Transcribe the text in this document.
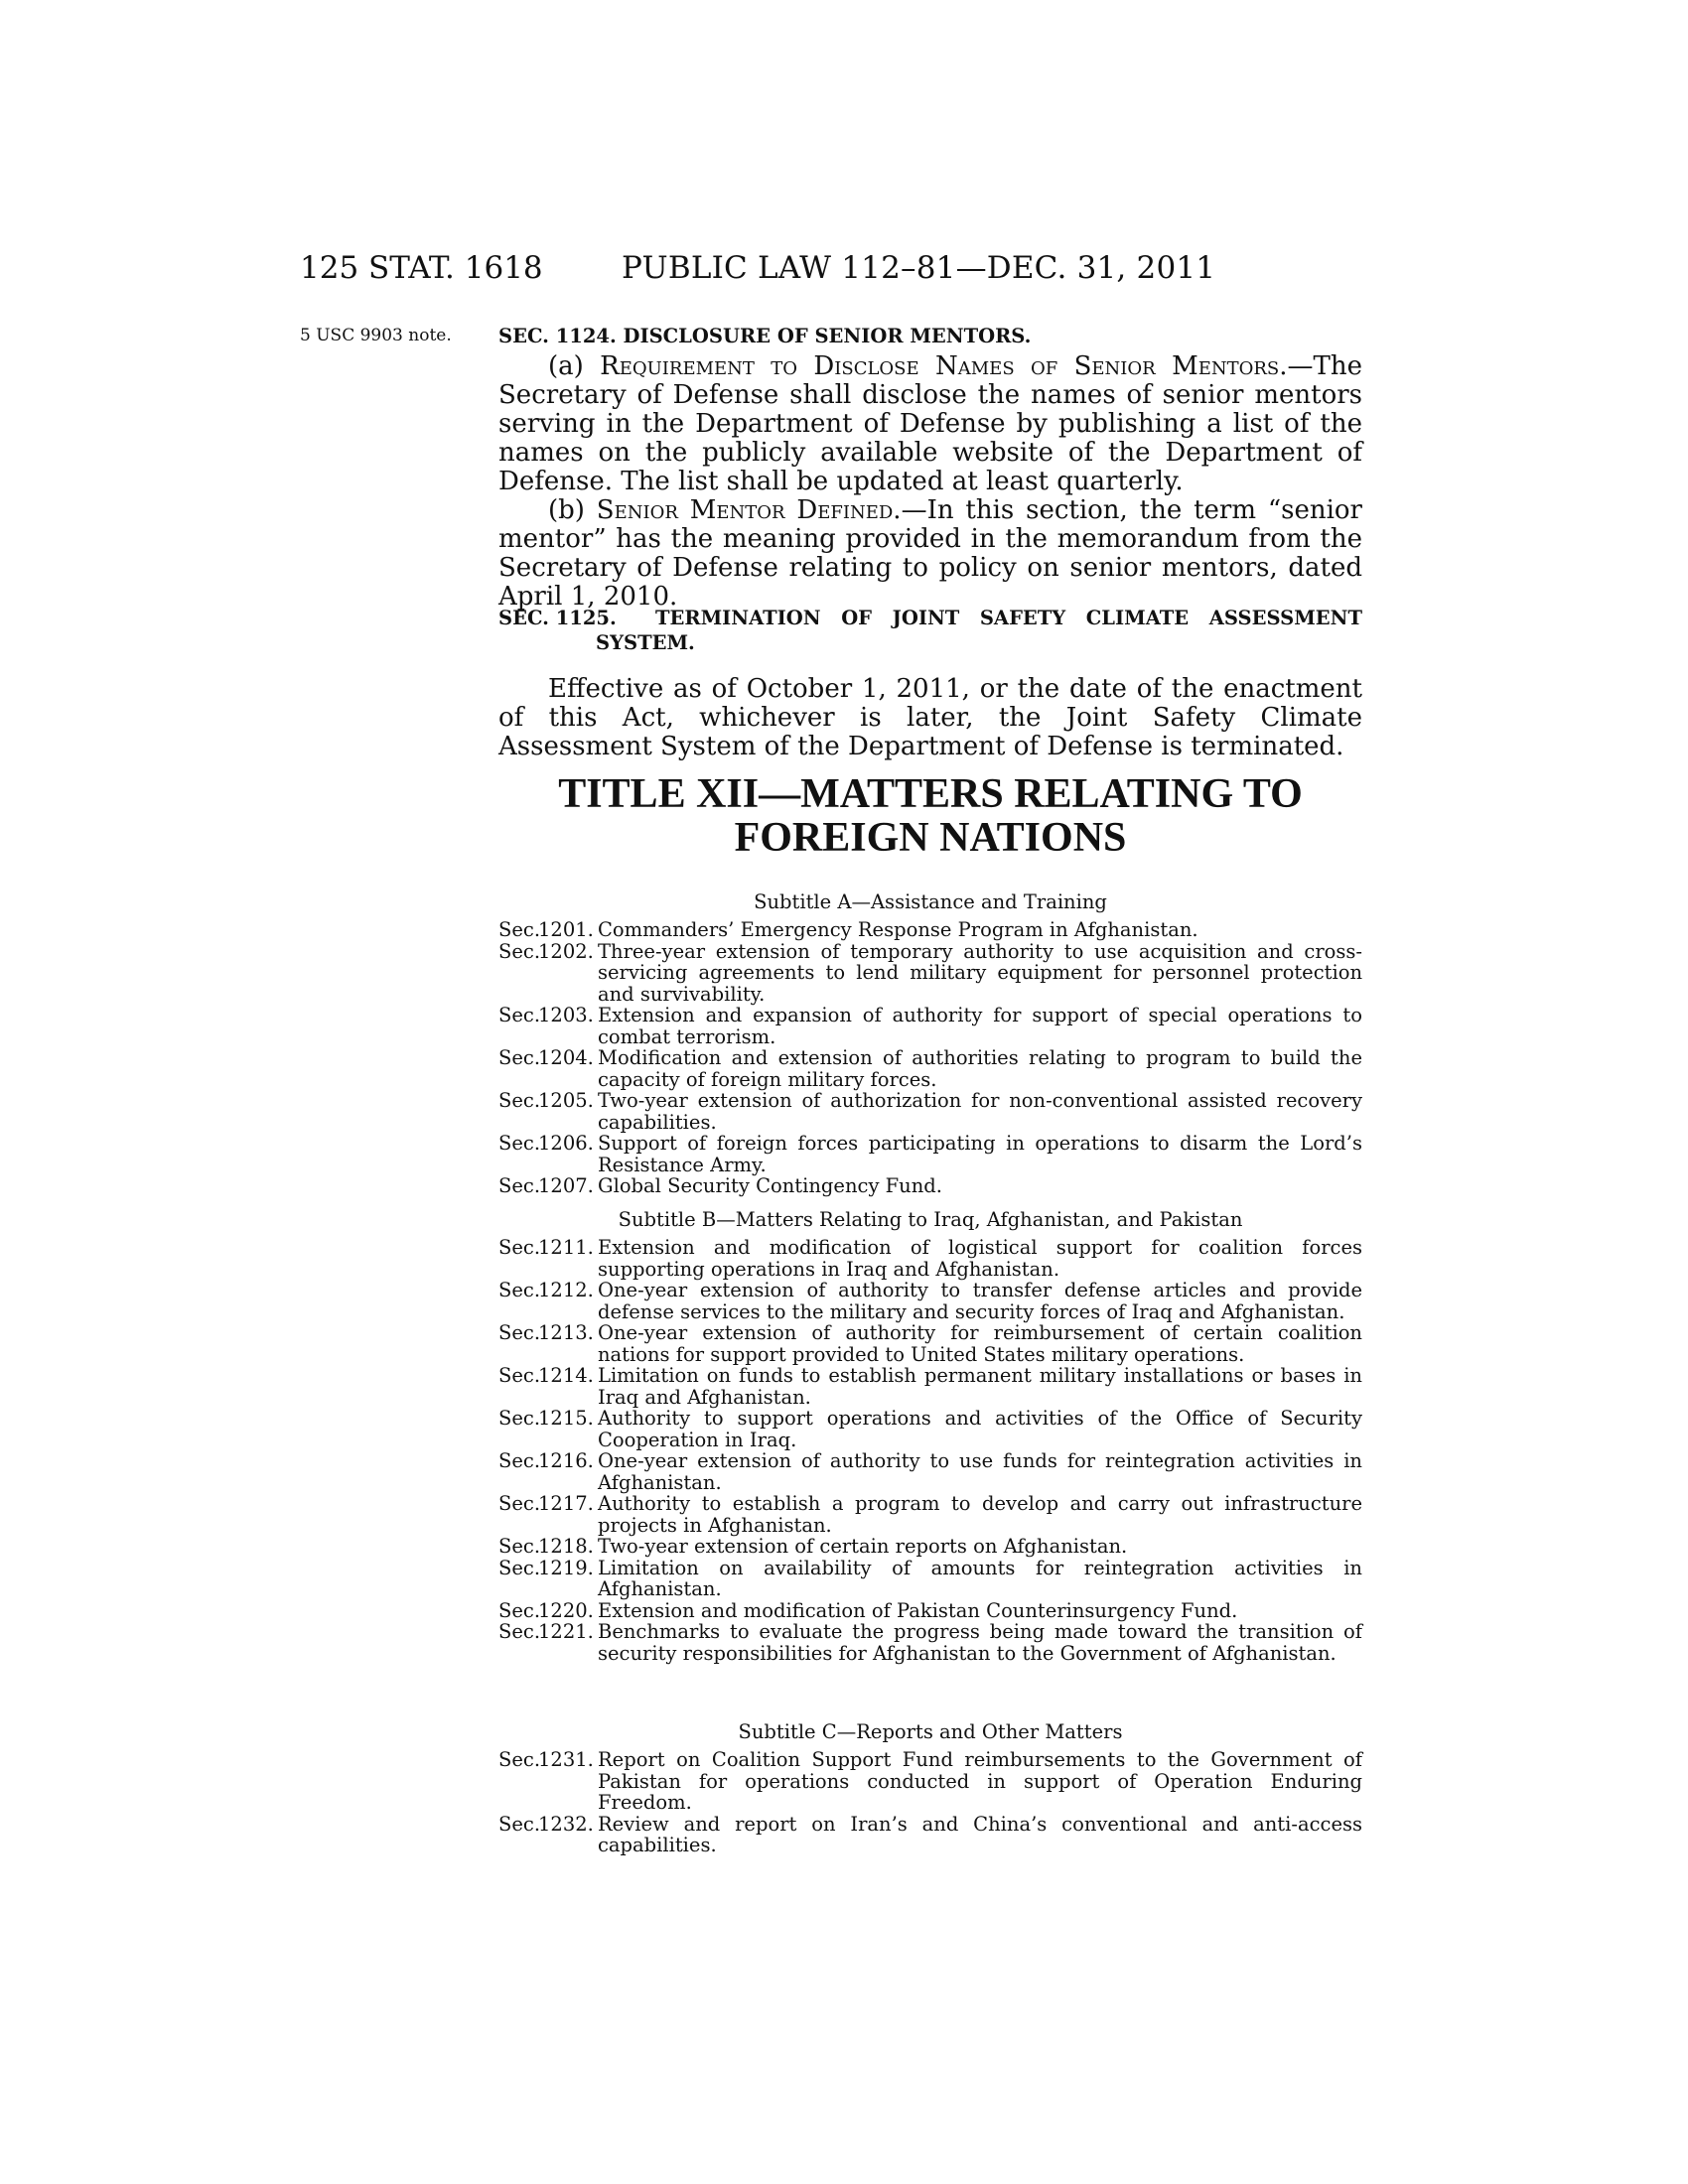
125 STAT. 1618	PUBLIC LAW 112–81—DEC. 31, 2011
5 USC 9903 note. SEC. 1124. DISCLOSURE OF SENIOR MENTORS.

(a) Requirement to Disclose Names of Senior Mentors.—The Secretary of Defense shall disclose the names of senior mentors serving in the Department of Defense by publishing a list of the names on the publicly available website of the Department of Defense. The list shall be updated at least quarterly.

(b) Senior Mentor Defined.—In this section, the term “senior mentor” has the meaning provided in the memorandum from the Secretary of Defense relating to policy on senior mentors, dated April 1, 2010.

SEC. 1125.	TERMINATION OF JOINT SAFETY CLIMATE ASSESSMENT
SYSTEM.

Effective as of October 1, 2011, or the date of the enactment of this Act, whichever is later, the Joint Safety Climate Assessment System of the Department of Defense is terminated.

TITLE XII—MATTERS RELATING TO
FOREIGN NATIONS

Subtitle A—Assistance and Training

Sec.
1201. Commanders’ Emergency Response Program in Afghanistan.
Sec.
1202. Three-year extension of temporary authority to use acquisition and cross-servicing agreements to lend military equipment for personnel protection and survivability.
Sec.
1203. Extension and expansion of authority for support of special operations to combat terrorism.
Sec.
1204. Modification and extension of authorities relating to program to build the capacity of foreign military forces.
Sec.
1205. Two-year extension of authorization for non-conventional assisted recovery capabilities.
Sec.
1206. Support of foreign forces participating in operations to disarm the Lord’s Resistance Army.
Sec.
1207. Global Security Contingency Fund.

Subtitle B—Matters Relating to Iraq, Afghanistan, and Pakistan

Sec.
1211. Extension and modification of logistical support for coalition forces supporting operations in Iraq and Afghanistan.
Sec.
1212. One-year extension of authority to transfer defense articles and provide defense services to the military and security forces of Iraq and Afghanistan.
Sec.
1213. One-year extension of authority for reimbursement of certain coalition nations for support provided to United States military operations.
Sec.
1214. Limitation on funds to establish permanent military installations or bases in Iraq and Afghanistan.
Sec.
1215. Authority to support operations and activities of the Office of Security Cooperation in Iraq.
Sec.
1216. One-year extension of authority to use funds for reintegration activities in Afghanistan.
Sec.
1217. Authority to establish a program to develop and carry out infrastructure projects in Afghanistan.
Sec.
1218. Two-year extension of certain reports on Afghanistan.
Sec.
1219. Limitation on availability of amounts for reintegration activities in Afghanistan.
Sec.
1220. Extension and modification of Pakistan Counterinsurgency Fund.
Sec.
1221. Benchmarks to evaluate the progress being made toward the transition of security responsibilities for Afghanistan to the Government of Afghanistan.

Subtitle C—Reports and Other Matters

Sec.
1231. Report on Coalition Support Fund reimbursements to the Government of Pakistan for operations conducted in support of Operation Enduring Freedom.
Sec.
1232. Review and report on Iran’s and China’s conventional and anti-access capabilities.
